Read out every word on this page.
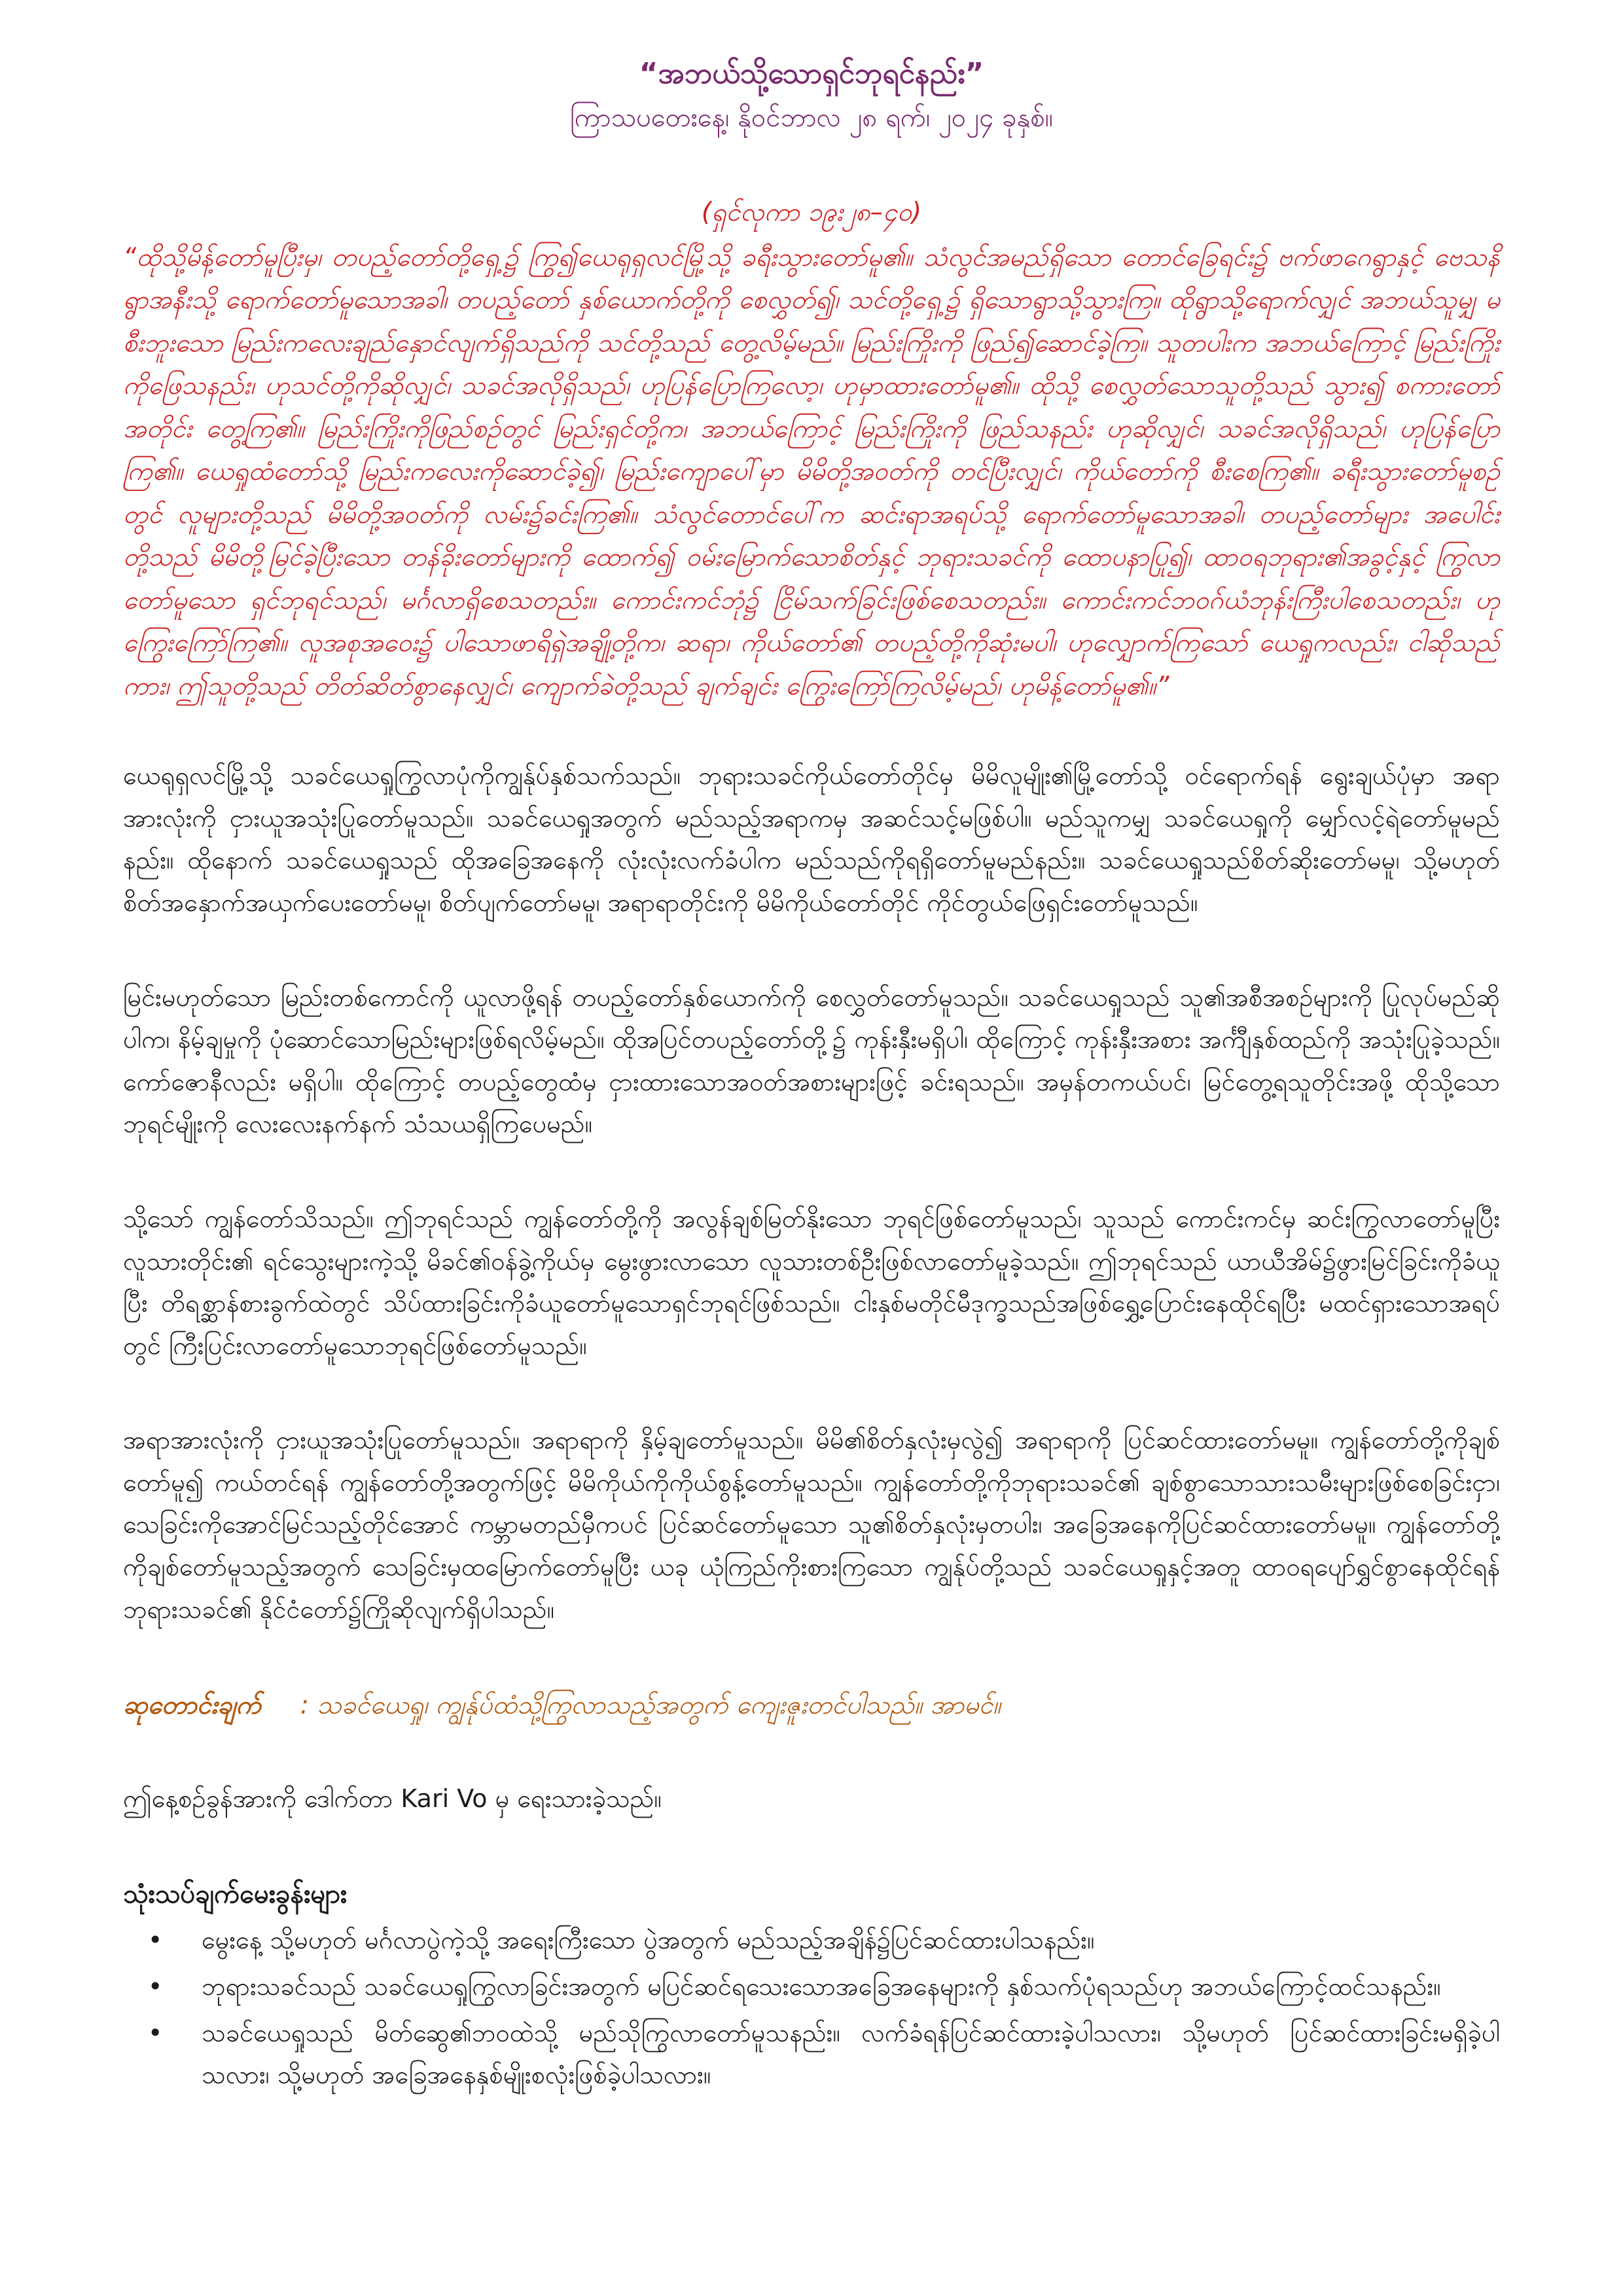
“အဘယ်သို့သောရှင်ဘုရင်နည်း”

ကြာသပတေးနေ့၊ နိုဝင်ဘာလ ၂၈ ရက်၊ ၂၀၂၄ ခုနှစ်။

(ရှင်လုကာ ၁၉း၂၈–၄၀)

“ထိုသို့မိန့်တော်မူပြီးမှ၊ တပည့်တော်တို့ရှေ့၌ ကြွ၍ယေရုရှလင်မြို့သို့ ခရီးသွားတော်မူ၏။ သံလွင်အမည်ရှိသော တောင်ခြေရင်း၌ ဗက်ဖာဂေရွာနှင့် ဗေသနိရွာအနီးသို့ ရောက်တော်မူသောအခါ၊ တပည့်တော် နှစ်ယောက်တို့ကို စေလွှတ်၍၊ သင်တို့ရှေ့၌ ရှိသောရွာသို့သွားကြ။ ထိုရွာသို့ရောက်လျှင် အဘယ်သူမျှ မစီးဘူးသော မြည်းကလေးချည်နှောင်လျက်ရှိသည်ကို သင်တို့သည် တွေ့လိမ့်မည်။ မြည်းကြိုးကို ဖြည်၍ဆောင်ခဲ့ကြ။ သူတပါးက အဘယ်ကြောင့် မြည်းကြိုးကိုဖြေသနည်း၊ ဟုသင်တို့ကိုဆိုလျှင်၊ သခင်အလိုရှိသည်၊ ဟုပြန်ပြောကြလော့၊ ဟုမှာထားတော်မူ၏။ ထိုသို့ စေလွှတ်သောသူတို့သည် သွား၍ စကားတော်အတိုင်း တွေ့ကြ၏။ မြည်းကြိုးကိုဖြည်စဉ်တွင် မြည်းရှင်တို့က၊ အဘယ်ကြောင့် မြည်းကြိုးကို ဖြည်သနည်း ဟုဆိုလျှင်၊ သခင်အလိုရှိသည်၊ ဟုပြန်ပြောကြ၏။ ယေရှုထံတော်သို့ မြည်းကလေးကိုဆောင်ခဲ့၍၊ မြည်းကျောပေါ်မှာ မိမိတို့အဝတ်ကို တင်ပြီးလျှင်၊ ကိုယ်တော်ကို စီးစေကြ၏။ ခရီးသွားတော်မူစဉ်တွင် လူများတို့သည် မိမိတို့အဝတ်ကို လမ်း၌ခင်းကြ၏။ သံလွင်တောင်ပေါ်က ဆင်းရာအရပ်သို့ ရောက်တော်မူသောအခါ၊ တပည့်တော်များ အပေါင်းတို့သည် မိမိတို့မြင်ခဲ့ပြီးသော တန်ခိုးတော်များကို ထောက်၍ ဝမ်းမြောက်သောစိတ်နှင့် ဘုရားသခင်ကို ထောပနာပြု၍၊ ထာဝရဘုရား၏အခွင့်နှင့် ကြွလာတော်မူသော ရှင်ဘုရင်သည်၊ မင်္ဂလာရှိစေသတည်း။ ကောင်းကင်ဘုံ၌ ငြိမ်သက်ခြင်းဖြစ်စေသတည်း။ ကောင်းကင်ဘဝဂ်ယံဘုန်းကြီးပါစေသတည်း၊ ဟုကြွေးကြော်ကြ၏။ လူအစုအဝေး၌ ပါသောဖာရိရှဲအချို့တို့က၊ ဆရာ၊ ကိုယ်တော်၏ တပည့်တို့ကိုဆုံးမပါ၊ ဟုလျှောက်ကြသော် ယေရှုကလည်း၊ ငါဆိုသည်ကား၊ ဤသူတို့သည် တိတ်ဆိတ်စွာနေလျှင်၊ ကျောက်ခဲတို့သည် ချက်ချင်း ကြွေးကြော်ကြလိမ့်မည်၊ ဟုမိန့်တော်မူ၏။”

ယေရုရှလင်မြို့သို့ သခင်ယေရှုကြွလာပုံကိုကျွန်ုပ်နှစ်သက်သည်။ ဘုရားသခင်ကိုယ်တော်တိုင်မှ မိမိလူမျိုး၏မြို့တော်သို့ ဝင်ရောက်ရန် ရွေးချယ်ပုံမှာ အရာအားလုံးကို ငှားယူအသုံးပြုတော်မူသည်။ သခင်ယေရှုအတွက် မည်သည့်အရာကမှ အဆင်သင့်မဖြစ်ပါ။ မည်သူကမျှ သခင်ယေရှုကို မျှော်လင့်ရဲတော်မူမည်နည်း။ ထိုနောက် သခင်ယေရှုသည် ထိုအခြေအနေကို လုံးလုံးလက်ခံပါက မည်သည်ကိုရရှိတော်မူမည်နည်း။ သခင်ယေရှုသည်စိတ်ဆိုးတော်မမူ၊ သို့မဟုတ် စိတ်အနှောက်အယှက်ပေးတော်မမူ၊ စိတ်ပျက်တော်မမူ၊ အရာရာတိုင်းကို မိမိကိုယ်တော်တိုင် ကိုင်တွယ်ဖြေရှင်းတော်မူသည်။

မြင်းမဟုတ်သော မြည်းတစ်ကောင်ကို ယူလာဖို့ရန် တပည့်တော်နှစ်ယောက်ကို စေလွှတ်တော်မူသည်။ သခင်ယေရှုသည် သူ၏အစီအစဉ်များကို ပြုလုပ်မည်ဆိုပါက၊ နိမ့်ချမှုကို ပုံဆောင်သောမြည်းများဖြစ်ရလိမ့်မည်။ ထိုအပြင်တပည့်တော်တို့၌ ကုန်းနှီးမရှိပါ၊ ထိုကြောင့် ကုန်းနှီးအစား အင်္ကျီနှစ်ထည်ကို အသုံးပြုခဲ့သည်။ ကော်ဇောနီလည်း မရှိပါ။ ထိုကြောင့် တပည့်တွေထံမှ ငှားထားသောအဝတ်အစားများဖြင့် ခင်းရသည်။ အမှန်တကယ်ပင်၊ မြင်တွေ့ရသူတိုင်းအဖို့ ထိုသို့သောဘုရင်မျိုးကို လေးလေးနက်နက် သံသယရှိကြပေမည်။

သို့သော် ကျွန်တော်သိသည်။ ဤဘုရင်သည် ကျွန်တော်တို့ကို အလွန်ချစ်မြတ်နိုးသော ဘုရင်ဖြစ်တော်မူသည်၊ သူသည် ကောင်းကင်မှ ဆင်းကြွလာတော်မူပြီး လူသားတိုင်း၏ ရင်သွေးများကဲ့သို့ မိခင်၏ဝန်ခွဲ့ကိုယ်မှ မွေးဖွားလာသော လူသားတစ်ဦးဖြစ်လာတော်မူခဲ့သည်။ ဤဘုရင်သည် ယာယီအိမ်၌ဖွားမြင်ခြင်းကိုခံယူပြီး တိရစ္ဆာန်စားခွက်ထဲတွင် သိပ်ထားခြင်းကိုခံယူတော်မူသောရှင်ဘုရင်ဖြစ်သည်။ ငါးနှစ်မတိုင်မီဒုက္ခသည်အဖြစ်ရွှေ့ပြောင်းနေထိုင်ရပြီး မထင်ရှားသောအရပ်တွင် ကြီးပြင်းလာတော်မူသောဘုရင်ဖြစ်တော်မူသည်။

အရာအားလုံးကို ငှားယူအသုံးပြုတော်မူသည်။ အရာရာကို နှိမ့်ချတော်မူသည်။ မိမိ၏စိတ်နှလုံးမှလွဲ၍ အရာရာကို ပြင်ဆင်ထားတော်မမူ။ ကျွန်တော်တို့ကိုချစ်တော်မူ၍ ကယ်တင်ရန် ကျွန်တော်တို့အတွက်ဖြင့် မိမိကိုယ်ကိုကိုယ်စွန့်တော်မူသည်။ ကျွန်တော်တို့ကိုဘုရားသခင်၏ ချစ်စွာသောသားသမီးများဖြစ်စေခြင်းငှာ၊ သေခြင်းကိုအောင်မြင်သည့်တိုင်အောင် ကမ္ဘာမတည်မှီကပင် ပြင်ဆင်တော်မူသော သူ၏စိတ်နှလုံးမှတပါး၊ အခြေအနေကိုပြင်ဆင်ထားတော်မမူ။ ကျွန်တော်တို့ကိုချစ်တော်မူသည့်အတွက် သေခြင်းမှထမြောက်တော်မူပြီး ယခု ယုံကြည်ကိုးစားကြသော ကျွန်ုပ်တို့သည် သခင်ယေရှုနှင့်အတူ ထာဝရပျော်ရွှင်စွာနေထိုင်ရန် ဘုရားသခင်၏ နိုင်ငံတော်၌ကြိုဆိုလျက်ရှိပါသည်။

ဆုတောင်းချက် : သခင်ယေရှု၊ ကျွန်ုပ်ထံသို့ကြွလာသည့်အတွက် ကျေးဇူးတင်ပါသည်။ အာမင်။

ဤနေ့စဉ်ခွန်အားကို ဒေါက်တာ Kari Vo မှ ရေးသားခဲ့သည်။

သုံးသပ်ချက်မေးခွန်းများ

• မွေးနေ့ သို့မဟုတ် မင်္ဂလာပွဲကဲ့သို့ အရေးကြီးသော ပွဲအတွက် မည်သည့်အချိန်၌ပြင်ဆင်ထားပါသနည်း။
• ဘုရားသခင်သည် သခင်ယေရှုကြွလာခြင်းအတွက် မပြင်ဆင်ရသေးသောအခြေအနေများကို နှစ်သက်ပုံရသည်ဟု အဘယ်ကြောင့်ထင်သနည်း။
• သခင်ယေရှုသည် မိတ်ဆွေ၏ဘဝထဲသို့ မည်သိုကြွလာတော်မူသနည်း။ လက်ခံရန်ပြင်ဆင်ထားခဲ့ပါသလား၊ သို့မဟုတ် ပြင်ဆင်ထားခြင်းမရှိခဲ့ပါသလား၊ သို့မဟုတ် အခြေအနေနှစ်မျိုးစလုံးဖြစ်ခဲ့ပါသလား။
